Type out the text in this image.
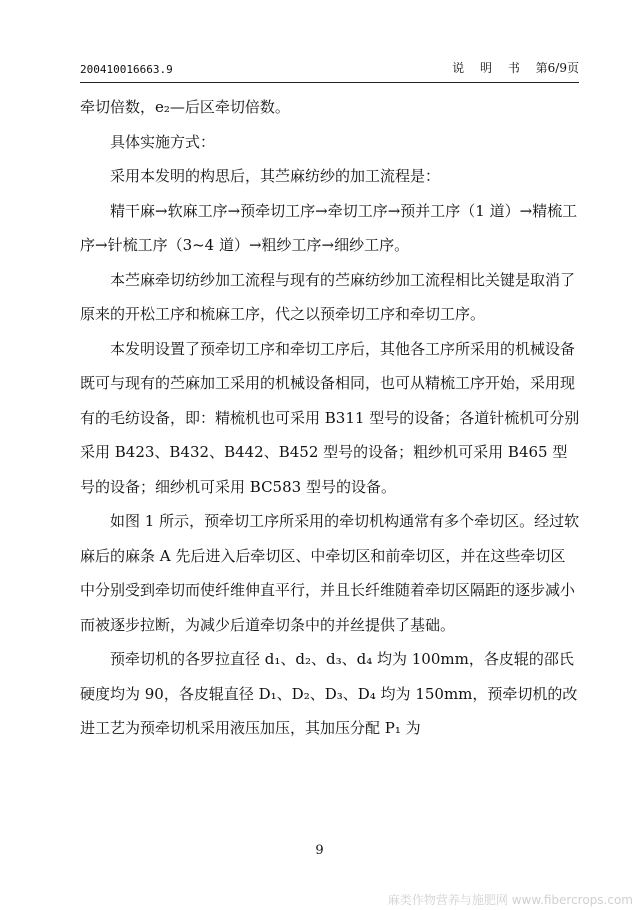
200410016663.9	说 明 书 第6/9页

牵切倍数，e₂—后区牵切倍数。

具体实施方式：

采用本发明的构思后，其苎麻纺纱的加工流程是：

精干麻→软麻工序→预牵切工序→牵切工序→预并工序（1 道）→精梳工序→针梳工序（3~4 道）→粗纱工序→细纱工序。

本苎麻牵切纺纱加工流程与现有的苎麻纺纱加工流程相比关键是取消了原来的开松工序和梳麻工序，代之以预牵切工序和牵切工序。

本发明设置了预牵切工序和牵切工序后，其他各工序所采用的机械设备既可与现有的苎麻加工采用的机械设备相同，也可从精梳工序开始，采用现有的毛纺设备，即：精梳机也可采用 B311 型号的设备；各道针梳机可分别采用 B423、B432、B442、B452 型号的设备；粗纱机可采用 B465 型号的设备；细纱机可采用 BC583 型号的设备。

如图 1 所示，预牵切工序所采用的牵切机构通常有多个牵切区。经过软麻后的麻条 A 先后进入后牵切区、中牵切区和前牵切区，并在这些牵切区中分别受到牵切而使纤维伸直平行，并且长纤维随着牵切区隔距的逐步减小而被逐步拉断，为减少后道牵切条中的并丝提供了基础。

预牵切机的各罗拉直径 d₁、d₂、d₃、d₄ 均为 100mm，各皮辊的邵氏硬度均为 90，各皮辊直径 D₁、D₂、D₃、D₄ 均为 150mm，预牵切机的改进工艺为预牵切机采用液压加压，其加压分配 P₁ 为

9
麻类作物营养与施肥网 www.fibercrops.com
